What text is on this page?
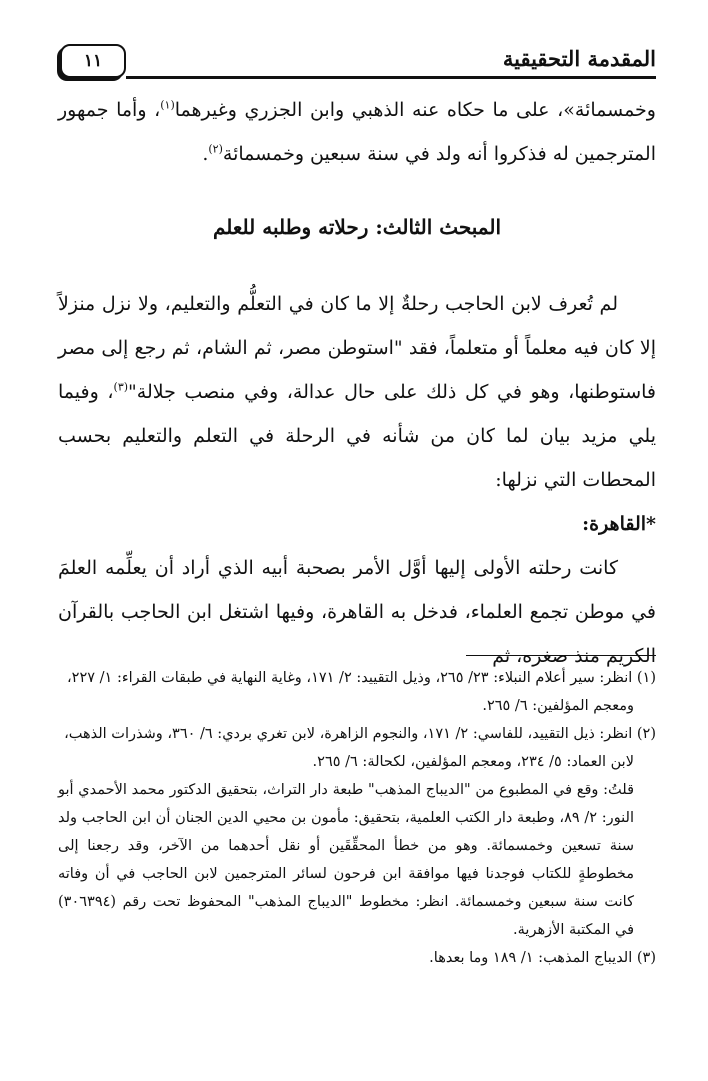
المقدمة التحقيقية
١١

وخمسمائة»، على ما حكاه عنه الذهبي وابن الجزري وغيرهما$^{(١)}$، وأما جمهور المترجمين له فذكروا أنه ولد في سنة سبعين وخمسمائة$^{(٢)}$.

المبحث الثالث: رحلاته وطلبه للعلم

لم تُعرف لابن الحاجب رحلةٌ إلا ما كان في التعلُّم والتعليم، ولا نزل منزلاً إلا كان فيه معلماً أو متعلماً، فقد "استوطن مصر، ثم الشام، ثم رجع إلى مصر فاستوطنها، وهو في كل ذلك على حال عدالة، وفي منصب جلالة"$^{(٣)}$، وفيما يلي مزيد بيان لما كان من شأنه في الرحلة في التعلم والتعليم بحسب المحطات التي نزلها:

*القاهرة:

كانت رحلته الأولى إليها أوَّل الأمر بصحبة أبيه الذي أراد أن يعلِّمه العلمَ في موطن تجمع العلماء، فدخل به القاهرة، وفيها اشتغل ابن الحاجب بالقرآن الكريم منذ صغره، ثم

(١) انظر: سير أعلام النبلاء: ٢٣/ ٢٦٥، وذيل التقييد: ٢/ ١٧١، وغاية النهاية في طبقات القراء: ١/ ٢٢٧،

ومعجم المؤلفين: ٦/ ٢٦٥.

(٢) انظر: ذيل التقييد، للفاسي: ٢/ ١٧١، والنجوم الزاهرة، لابن تغري بردي: ٦/ ٣٦٠، وشذرات الذهب،

لابن العماد: ٥/ ٢٣٤، ومعجم المؤلفين، لكحالة: ٦/ ٢٦٥.

قلتُ: وقع في المطبوع من "الديباج المذهب" طبعة دار التراث، بتحقيق الدكتور محمد الأحمدي أبو النور: ٢/ ٨٩، وطبعة دار الكتب العلمية، بتحقيق: مأمون بن محيي الدين الجنان أن ابن الحاجب ولد سنة تسعين وخمسمائة. وهو من خطأ المحقِّقَين أو نقل أحدهما من الآخر، وقد رجعنا إلى مخطوطةٍ للكتاب فوجدنا فيها موافقة ابن فرحون لسائر المترجمين لابن الحاجب في أن وفاته كانت سنة سبعين وخمسمائة. انظر: مخطوط "الديباج المذهب" المحفوظ تحت رقم (٣٠٦٣٩٤) في المكتبة الأزهرية.

(٣) الديباج المذهب: ١/ ١٨٩ وما بعدها.
